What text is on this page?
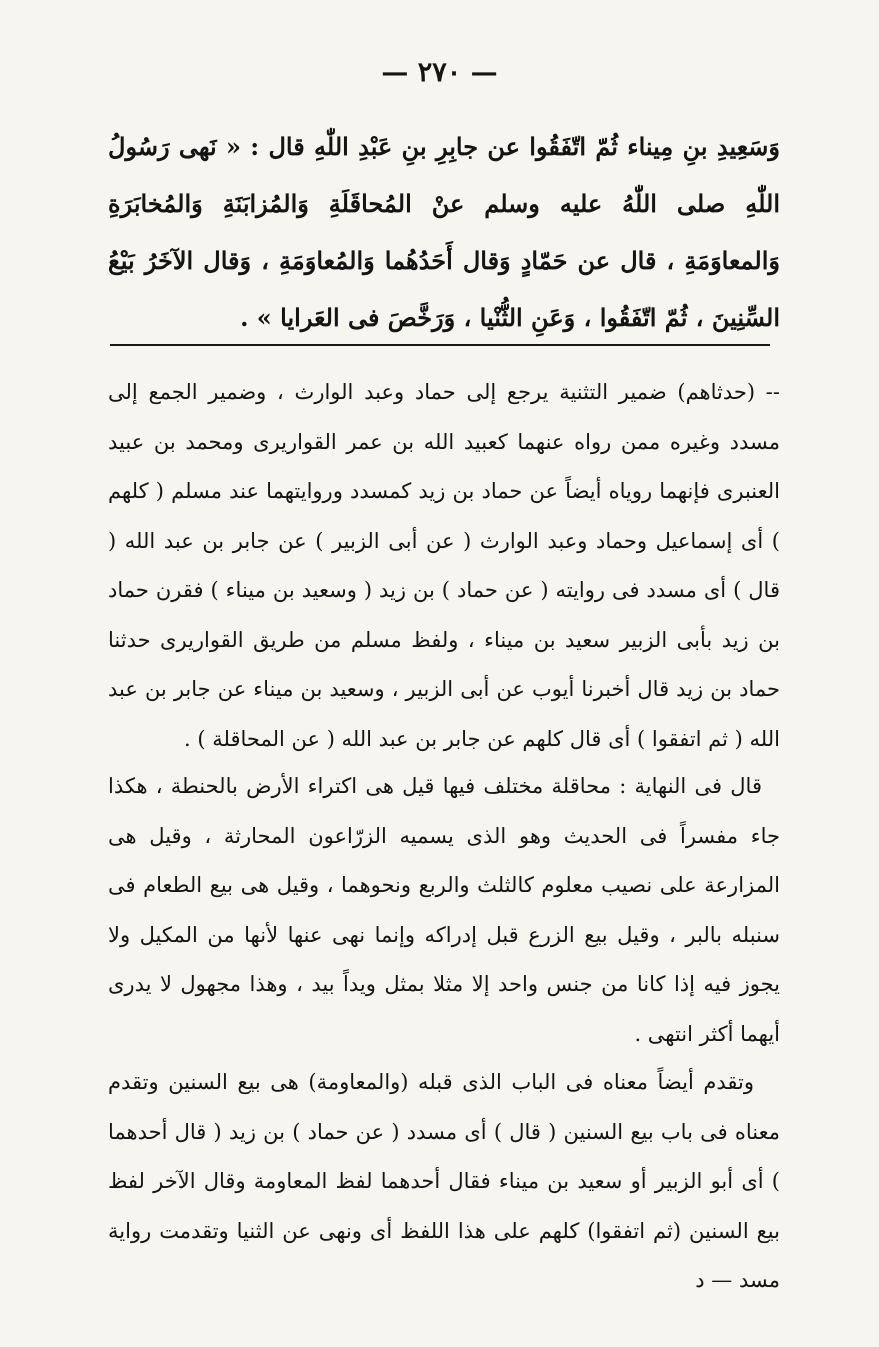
— ٢٧٠ —
وَسَعِيدِ بنِ مِيناء ثُمّ اتّفَقُوا عن جابِرِ بنِ عَبْدِ اللّٰهِ قال : « نَهى رَسُولُ اللّٰهِ صلى اللّٰهُ عليه وسلم عنْ المُحاقَلَةِ وَالمُزابَنَةِ وَالمُخابَرَةِ وَالمعاوَمَةِ ، قال عن حَمّادٍ وَقال أَحَدُهُما وَالمُعاوَمَةِ ، وَقال الآخَرُ بَيْعُ السِّنِينَ ، ثُمّ اتّفَقُوا ، وَعَنِ الثُّنْيا ، وَرَخَّصَ فى العَرايا » .
-- (حدثاهم) ضمير التثنية يرجع إلى حماد وعبد الوارث ، وضمير الجمع إلى مسدد وغيره ممن رواه عنهما كعبيد الله بن عمر القواريرى ومحمد بن عبيد العنبرى فإنهما روياه أيضاً عن حماد بن زيد كمسدد وروايتهما عند مسلم ( كلهم ) أى إسماعيل وحماد وعبد الوارث ( عن أبى الزبير ) عن جابر بن عبد الله ( قال ) أى مسدد فى روايته ( عن حماد ) بن زيد ( وسعيد بن ميناء ) فقرن حماد بن زيد بأبى الزبير سعيد بن ميناء ، ولفظ مسلم من طريق القواريرى حدثنا حماد بن زيد قال أخبرنا أيوب عن أبى الزبير ، وسعيد بن ميناء عن جابر بن عبد الله ( ثم اتفقوا ) أى قال كلهم عن جابر بن عبد الله ( عن المحاقلة ) .
قال فى النهاية : محاقلة مختلف فيها قيل هى اكتراء الأرض بالحنطة ، هكذا جاء مفسراً فى الحديث وهو الذى يسميه الزرّاعون المحارثة ، وقيل هى المزارعة على نصيب معلوم كالثلث والربع ونحوهما ، وقيل هى بيع الطعام فى سنبله بالبر ، وقيل بيع الزرع قبل إدراكه وإنما نهى عنها لأنها من المكيل ولا يجوز فيه إذا كانا من جنس واحد إلا مثلا بمثل ويداً بيد ، وهذا مجهول لا يدرى أيهما أكثر انتهى .
وتقدم أيضاً معناه فى الباب الذى قبله (والمعاومة) هى بيع السنين وتقدم معناه فى باب بيع السنين ( قال ) أى مسدد ( عن حماد ) بن زيد ( قال أحدهما ) أى أبو الزبير أو سعيد بن ميناء فقال أحدهما لفظ المعاومة وقال الآخر لفظ بيع السنين (ثم اتفقوا) كلهم على هذا اللفظ أى ونهى عن الثنيا وتقدمت رواية مسد — د
